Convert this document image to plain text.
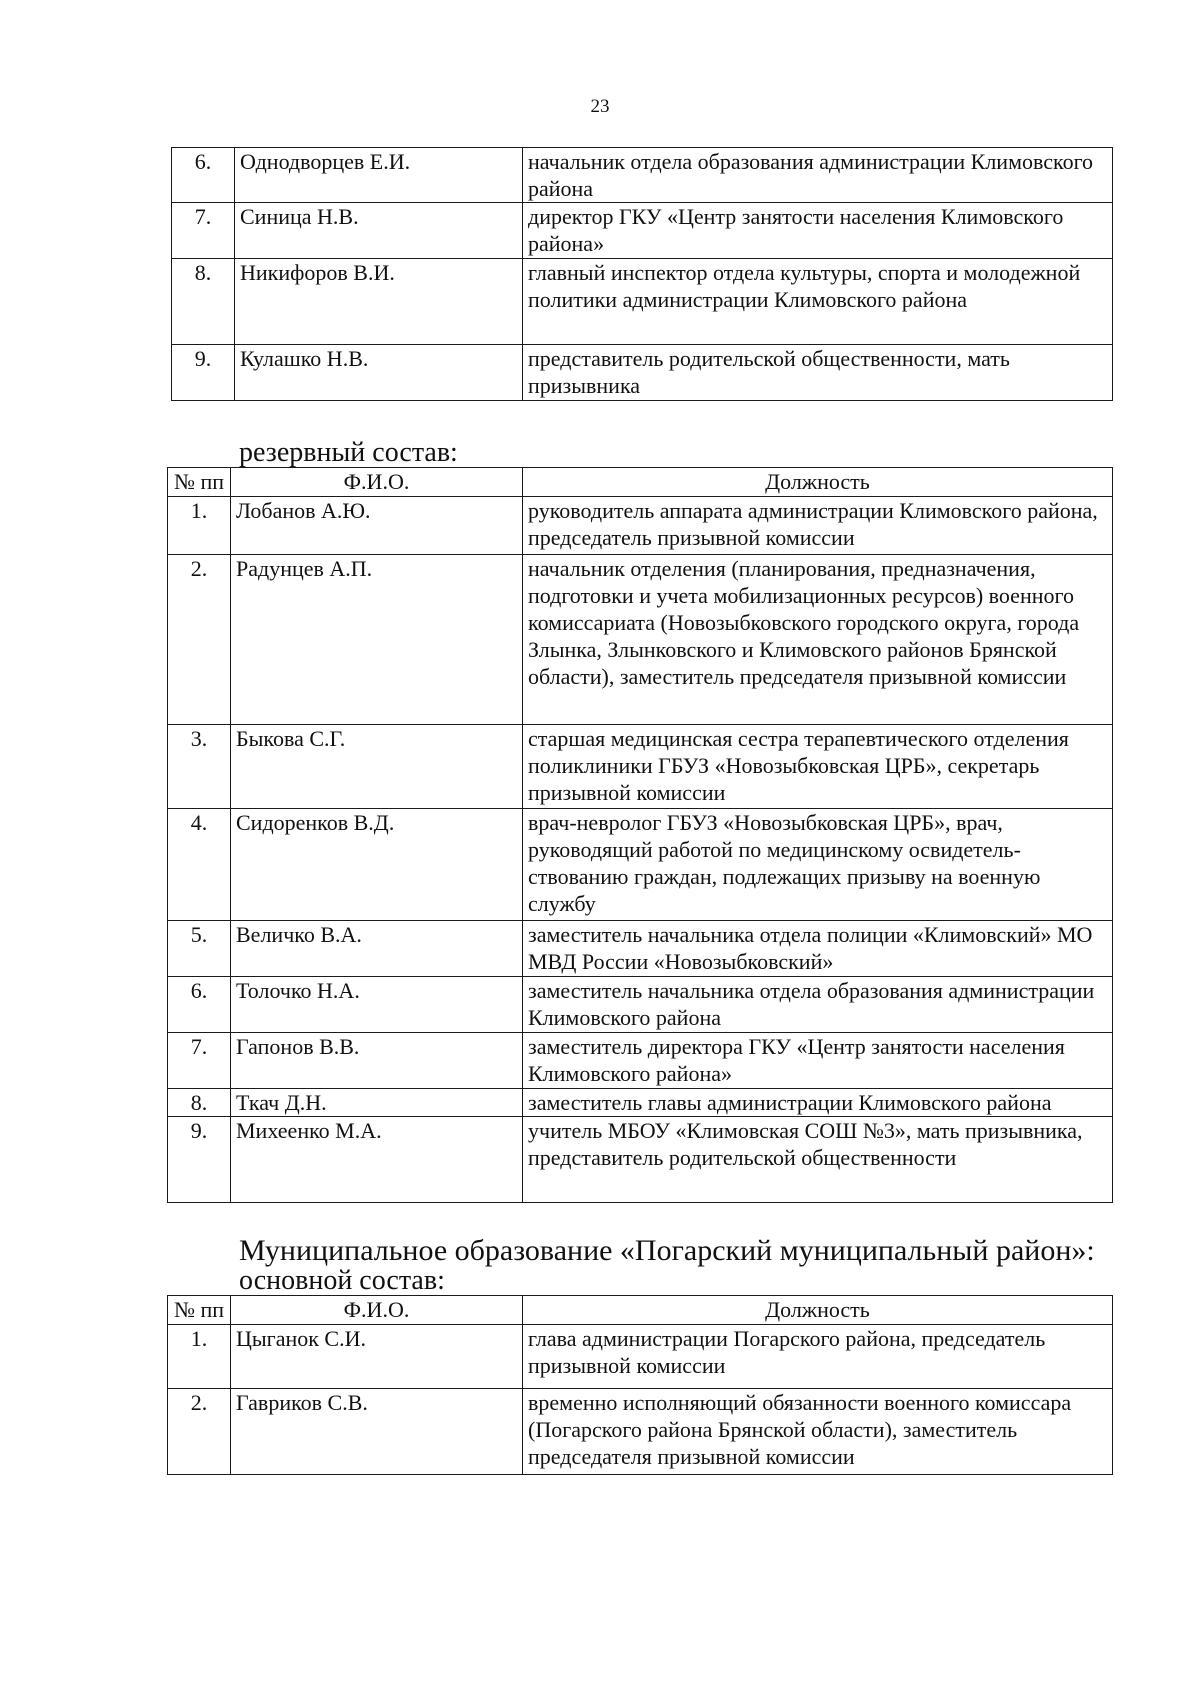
23
6.	Однодворцев Е.И.	начальник отдела образования администрации Климовского района
7.	Синица Н.В.	директор ГКУ «Центр занятости населения Климовского района»
8.	Никифоров В.И.	главный инспектор отдела культуры, спорта и молодежной политики администрации Климовского района
9.	Кулашко Н.В.	представитель родительской общественности, мать призывника
резервный состав:
№ пп	Ф.И.О.	Должность
1.	Лобанов А.Ю.	руководитель аппарата администрации Климовского района, председатель призывной комиссии
2.	Радунцев А.П.	начальник отделения (планирования, предназначения, подготовки и учета мобилизационных ресурсов) военного комиссариата (Новозыбковского городского округа, города Злынка, Злынковского и Климовского районов Брянской области), заместитель председателя призывной комиссии
3.	Быкова С.Г.	старшая медицинская сестра терапевтического отделения поликлиники ГБУЗ «Новозыбковская ЦРБ», секретарь призывной комиссии
4.	Сидоренков В.Д.	врач-невролог ГБУЗ «Новозыбковская ЦРБ», врач, руководящий работой по медицинскому освидетель-ствованию граждан, подлежащих призыву на военную службу
5.	Величко В.А.	заместитель начальника отдела полиции «Климовский» МО МВД России «Новозыбковский»
6.	Толочко Н.А.	заместитель начальника отдела образования администрации Климовского района
7.	Гапонов В.В.	заместитель директора ГКУ «Центр занятости населения Климовского района»
8.	Ткач Д.Н.	заместитель главы администрации Климовского района
9.	Михеенко М.А.	учитель МБОУ «Климовская СОШ №3», мать призывника, представитель родительской общественности
Муниципальное образование «Погарский муниципальный район»:
основной состав:
№ пп	Ф.И.О.	Должность
1.	Цыганок С.И.	глава администрации Погарского района, председатель призывной комиссии
2.	Гавриков С.В.	временно исполняющий обязанности военного комиссара (Погарского района Брянской области), заместитель председателя призывной комиссии
